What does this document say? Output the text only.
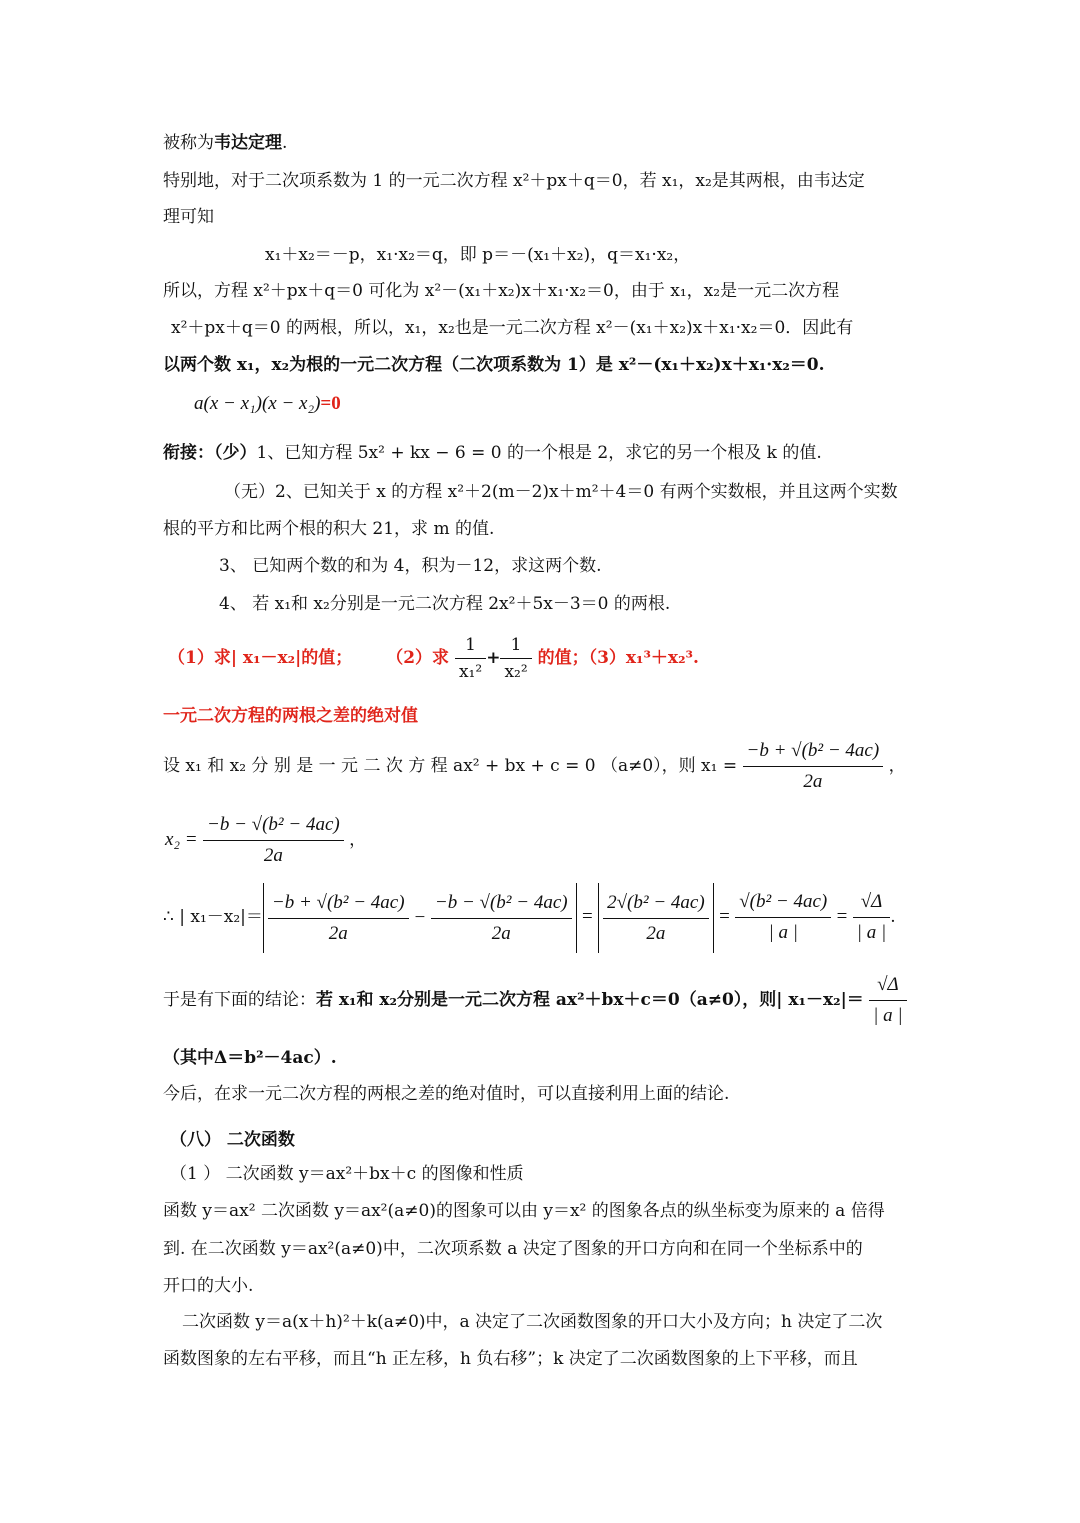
被称为韦达定理.
特别地，对于二次项系数为 1 的一元二次方程 x²＋px＋q＝0，若 x₁，x₂是其两根，由韦达定
理可知
x₁＋x₂＝－p，x₁·x₂＝q，即 p＝－(x₁＋x₂)，q＝x₁·x₂，
所以，方程 x²＋px＋q＝0 可化为 x²－(x₁＋x₂)x＋x₁·x₂＝0，由于 x₁，x₂是一元二次方程
x²＋px＋q＝0 的两根，所以，x₁，x₂也是一元二次方程 x²－(x₁＋x₂)x＋x₁·x₂＝0．因此有
以两个数 x₁，x₂为根的一元二次方程（二次项系数为 1）是 x²－(x₁＋x₂)x＋x₁·x₂＝0.
a(x − x₁)(x − x₂)=0
衔接：（少）1、已知方程 5x² + kx − 6 = 0 的一个根是 2，求它的另一个根及 k 的值.
（无）2、已知关于 x 的方程 x²＋2(m－2)x＋m²＋4＝0 有两个实数根，并且这两个实数
根的平方和比两个根的积大 21，求 m 的值.
3、 已知两个数的和为 4，积为－12，求这两个数.
4、 若 x₁和 x₂分别是一元二次方程 2x²＋5x－3＝0 的两根.
（1）求| x₁－x₂|的值； （2）求 $\frac{1}{\text{x₁²}} + \frac{1}{\text{x₂²}}$ 的值；（3）x₁³＋x₂³.
一元二次方程的两根之差的绝对值
设 x₁ 和 x₂ 分 别 是 一 元 二 次 方 程 ax² + bx + c = 0 （a≠0），则 $x_1 = \frac{\text{−b + √(b² − 4ac)}}{2a}$ ，
$x_2 = \frac{\text{−b − √(b² − 4ac)}}{2a}$ ，
∴ | $x_1-x_2|= \frac{\text{−b + √(b² − 4ac)}}{2a} - \frac{\text{−b − √(b² − 4ac)}}{2a} = \frac{\text{2√(b² − 4ac)}}{2a} = \frac{\text{√(b² − 4ac)}}{| a |} = \frac{√\Delta}{| a |}$ .
于是有下面的结论：若 x₁和 x₂分别是一元二次方程 ax²＋bx＋c＝0（a≠0），则| $x_1-x_2|= \frac{√\Delta}{| a |}$
（其中Δ＝b²－4ac）.
今后，在求一元二次方程的两根之差的绝对值时，可以直接利用上面的结论.
（八） 二次函数
（1 ） 二次函数 y＝ax²＋bx＋c 的图像和性质
函数 y＝ax² 二次函数 y＝ax²(a≠0)的图象可以由 y＝x² 的图象各点的纵坐标变为原来的 a 倍得
到. 在二次函数 y＝ax²(a≠0)中，二次项系数 a 决定了图象的开口方向和在同一个坐标系中的
开口的大小.
二次函数 y＝a(x＋h)²＋k(a≠0)中，a 决定了二次函数图象的开口大小及方向；h 决定了二次
函数图象的左右平移，而且“h 正左移，h 负右移”；k 决定了二次函数图象的上下平移，而且
